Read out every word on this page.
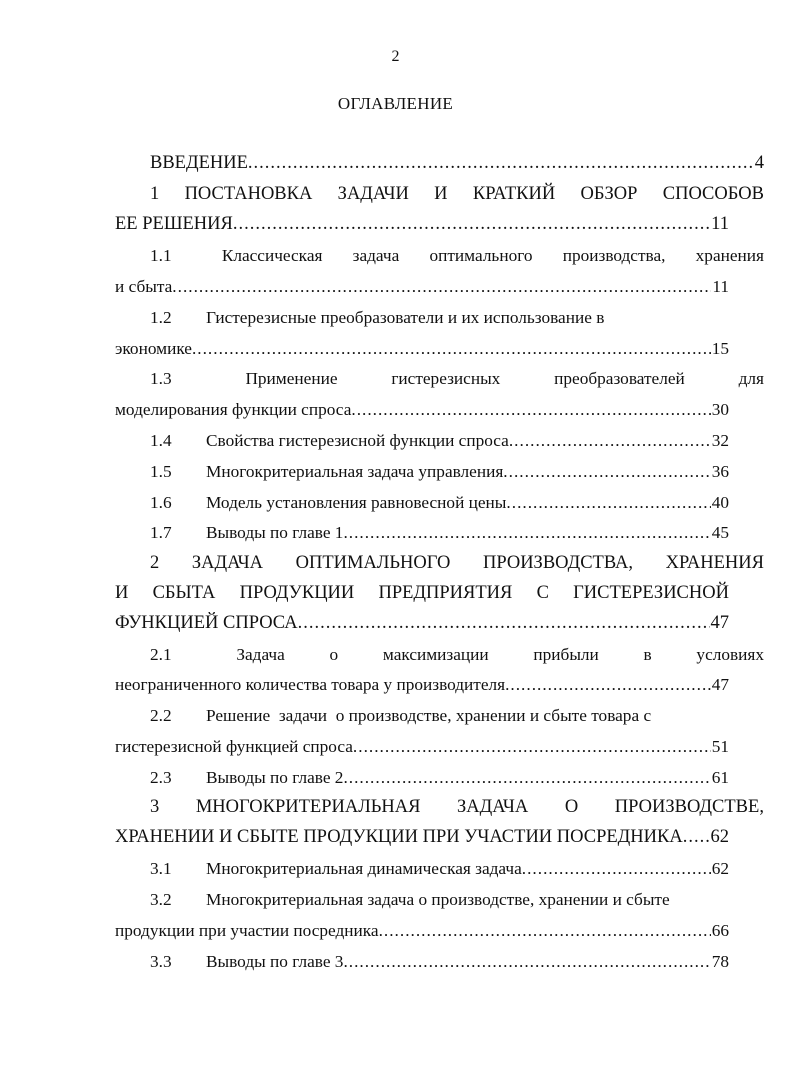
2
ОГЛАВЛЕНИЕ
ВВЕДЕНИЕ .....	4
1 ПОСТАНОВКА ЗАДАЧИ И КРАТКИЙ ОБЗОР СПОСОБОВ
ЕЕ РЕШЕНИЯ .....	11
1.1	Классическая задача оптимального производства, хранения
и сбыта .....	11
1.2	Гистерезисные преобразователи и их использование в
экономике .....	15
1.3	Применение	гистерезисных	преобразователей	для
моделирования функции спроса .....	30
1.4	Свойства гистерезисной функции спроса .....	32
1.5	Многокритериальная задача управления .....	36
1.6	Модель установления равновесной цены .....	40
1.7	Выводы по главе 1 .....	45
2 ЗАДАЧА ОПТИМАЛЬНОГО ПРОИЗВОДСТВА, ХРАНЕНИЯ
И СБЫТА ПРОДУКЦИИ ПРЕДПРИЯТИЯ С ГИСТЕРЕЗИСНОЙ
ФУНКЦИЕЙ СПРОСА .....	47
2.1	Задача	о	максимизации	прибыли	в	условиях
неограниченного количества товара у производителя .....	47
2.2	Решение задачи о производстве, хранении и сбыте товара с
гистерезисной функцией спроса .....	51
2.3	Выводы по главе 2 .....	61
3 МНОГОКРИТЕРИАЛЬНАЯ ЗАДАЧА О ПРОИЗВОДСТВЕ,
ХРАНЕНИИ И СБЫТЕ ПРОДУКЦИИ ПРИ УЧАСТИИ ПОСРЕДНИКА ..... 62
3.1	Многокритериальная динамическая задача .....	62
3.2	Многокритериальная задача о производстве, хранении и сбыте
продукции при участии посредника .....	66
3.3	Выводы по главе 3 .....	78
